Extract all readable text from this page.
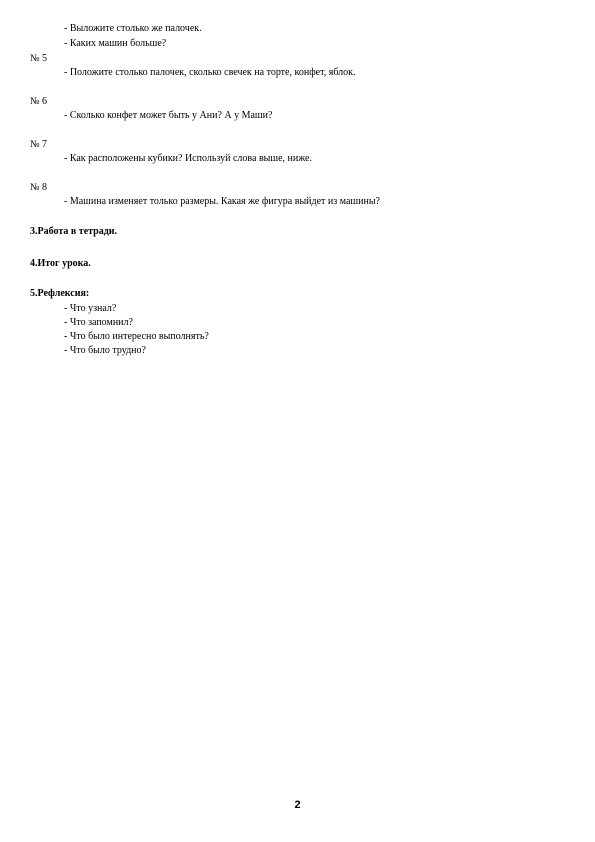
- Выложите столько же палочек.
- Каких машин больше?
№ 5
- Положите столько палочек, сколько свечек на торте, конфет, яблок.
№ 6
- Сколько конфет может быть у Ани? А у Маши?
№ 7
- Как расположены кубики? Используй слова выше, ниже.
№ 8
- Машина изменяет только размеры. Какая же фигура выйдет из машины?
3.Работа в тетради.
4.Итог урока.
5.Рефлексия:
- Что узнал?
- Что запомнил?
- Что было интересно выполнять?
- Что было трудно?
2
